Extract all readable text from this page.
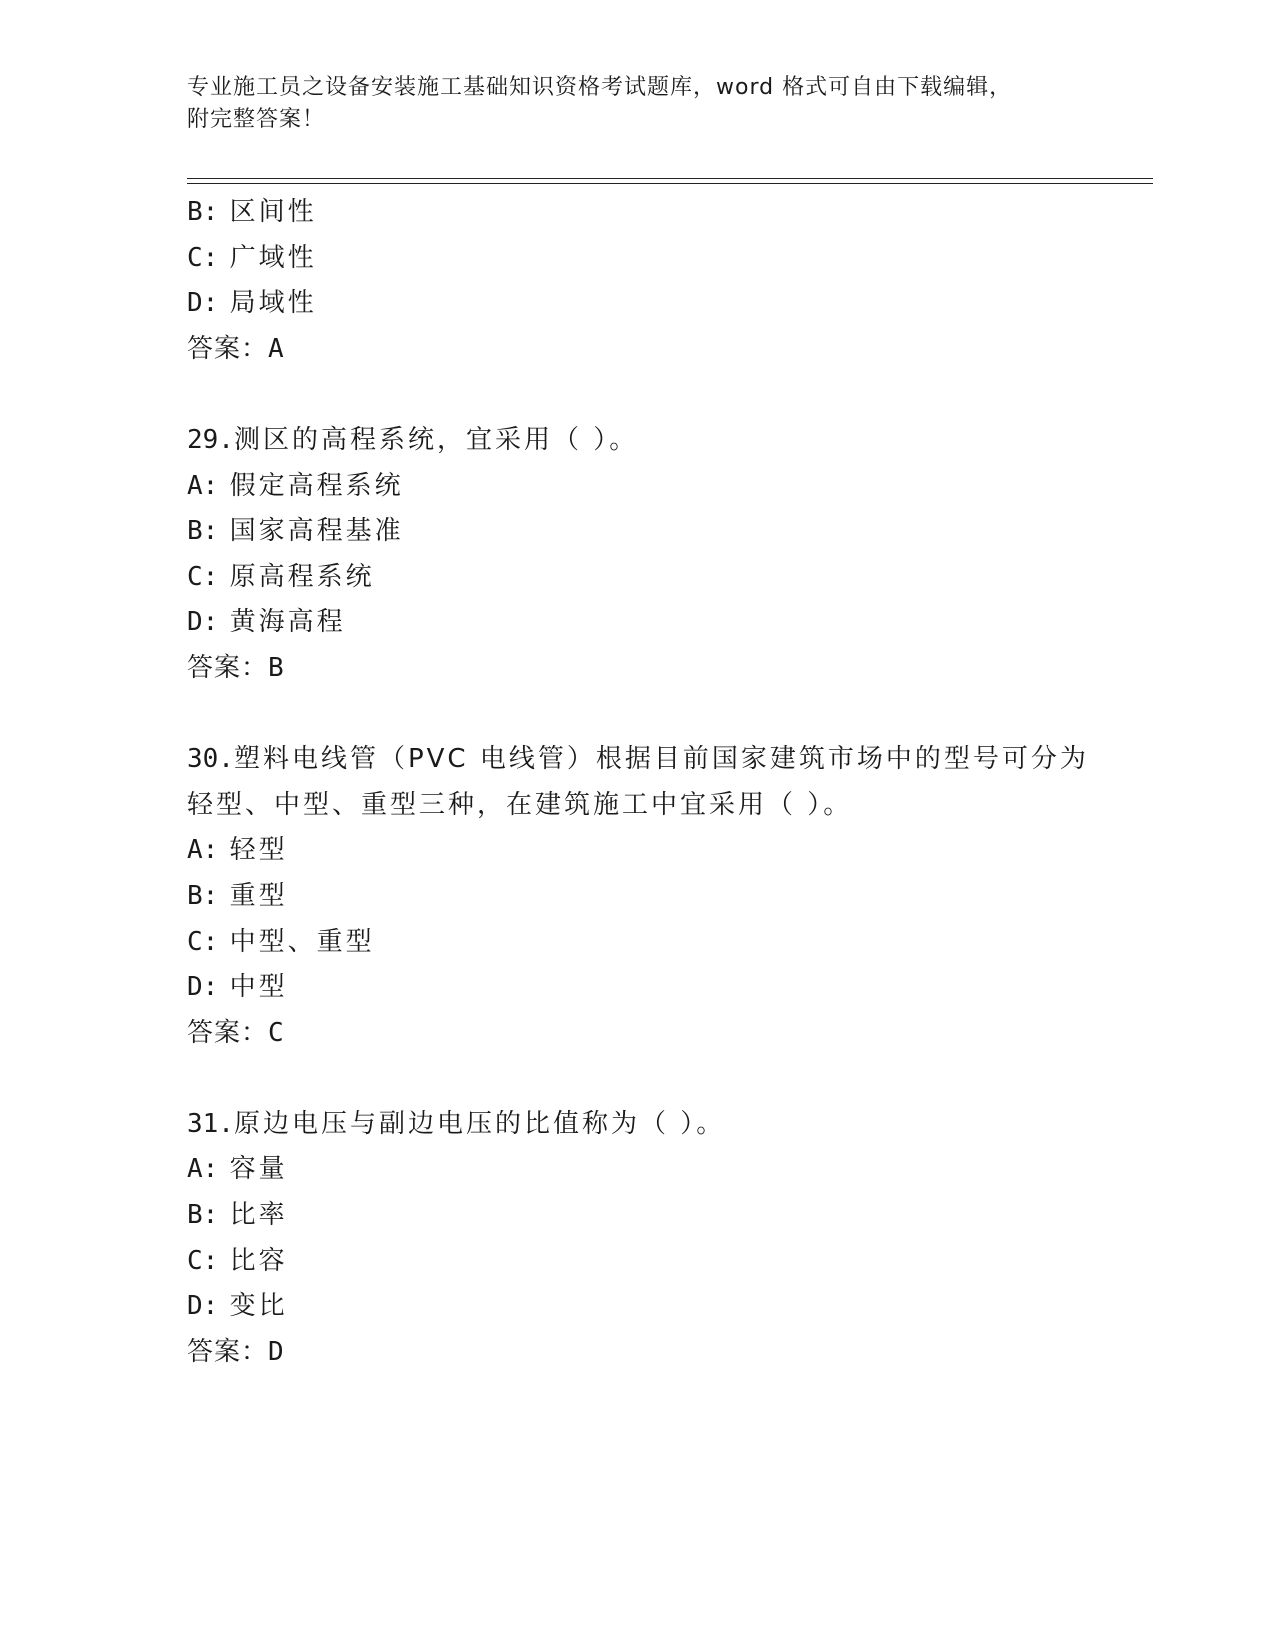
专业施工员之设备安装施工基础知识资格考试题库，word 格式可自由下载编辑，
附完整答案！
B: 区间性
C: 广域性
D: 局域性
答案：A
29.测区的高程系统，宜采用（ ）。
A: 假定高程系统
B: 国家高程基准
C: 原高程系统
D: 黄海高程
答案：B
30.塑料电线管（PVC 电线管）根据目前国家建筑市场中的型号可分为
轻型、中型、重型三种，在建筑施工中宜采用（ ）。
A: 轻型
B: 重型
C: 中型、重型
D: 中型
答案：C
31.原边电压与副边电压的比值称为（ ）。
A: 容量
B: 比率
C: 比容
D: 变比
答案：D
